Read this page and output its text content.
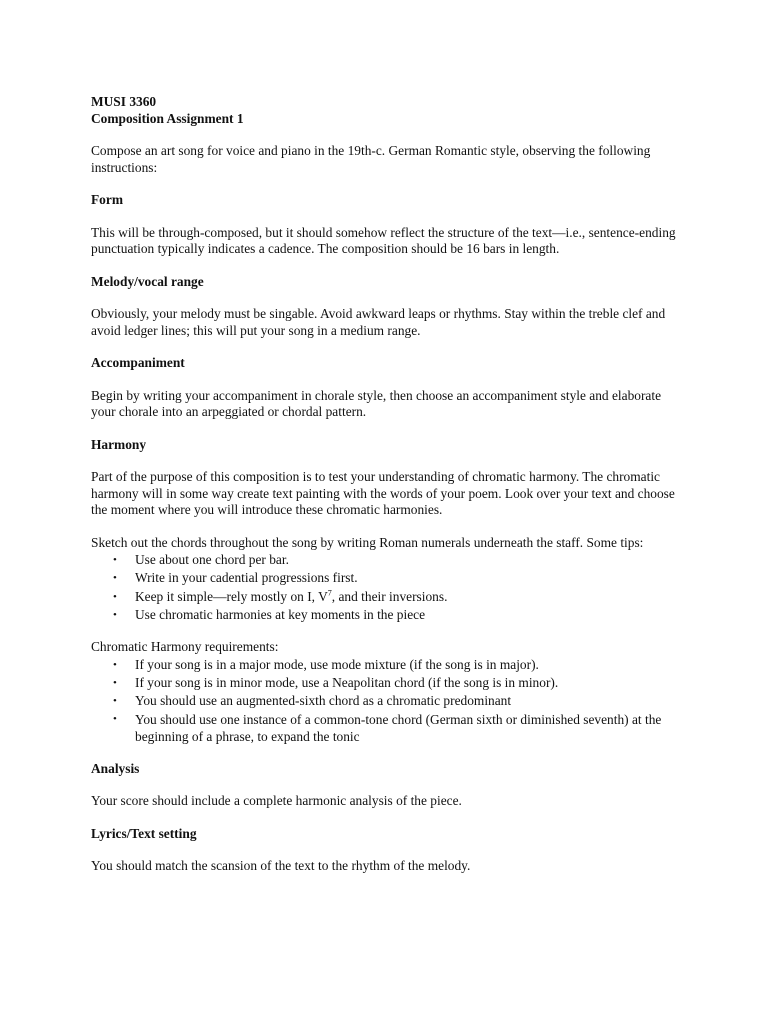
MUSI 3360

Composition Assignment 1

Compose an art song for voice and piano in the 19th-c. German Romantic style, observing the following instructions:

Form

This will be through-composed, but it should somehow reflect the structure of the text—i.e., sentence-ending punctuation typically indicates a cadence. The composition should be 16 bars in length.

Melody/vocal range

Obviously, your melody must be singable. Avoid awkward leaps or rhythms. Stay within the treble clef and avoid ledger lines; this will put your song in a medium range.

Accompaniment

Begin by writing your accompaniment in chorale style, then choose an accompaniment style and elaborate your chorale into an arpeggiated or chordal pattern.

Harmony

Part of the purpose of this composition is to test your understanding of chromatic harmony. The chromatic harmony will in some way create text painting with the words of your poem. Look over your text and choose the moment where you will introduce these chromatic harmonies.

Sketch out the chords throughout the song by writing Roman numerals underneath the staff. Some tips:

• Use about one chord per bar.
• Write in your cadential progressions first.
• Keep it simple—rely mostly on I, $V^7$, and their inversions.
• Use chromatic harmonies at key moments in the piece

Chromatic Harmony requirements:

• If your song is in a major mode, use mode mixture (if the song is in major).
• If your song is in minor mode, use a Neapolitan chord (if the song is in minor).
• You should use an augmented-sixth chord as a chromatic predominant
• You should use one instance of a common-tone chord (German sixth or diminished seventh) at the beginning of a phrase, to expand the tonic
Analysis

Your score should include a complete harmonic analysis of the piece.

Lyrics/Text setting

You should match the scansion of the text to the rhythm of the melody.
